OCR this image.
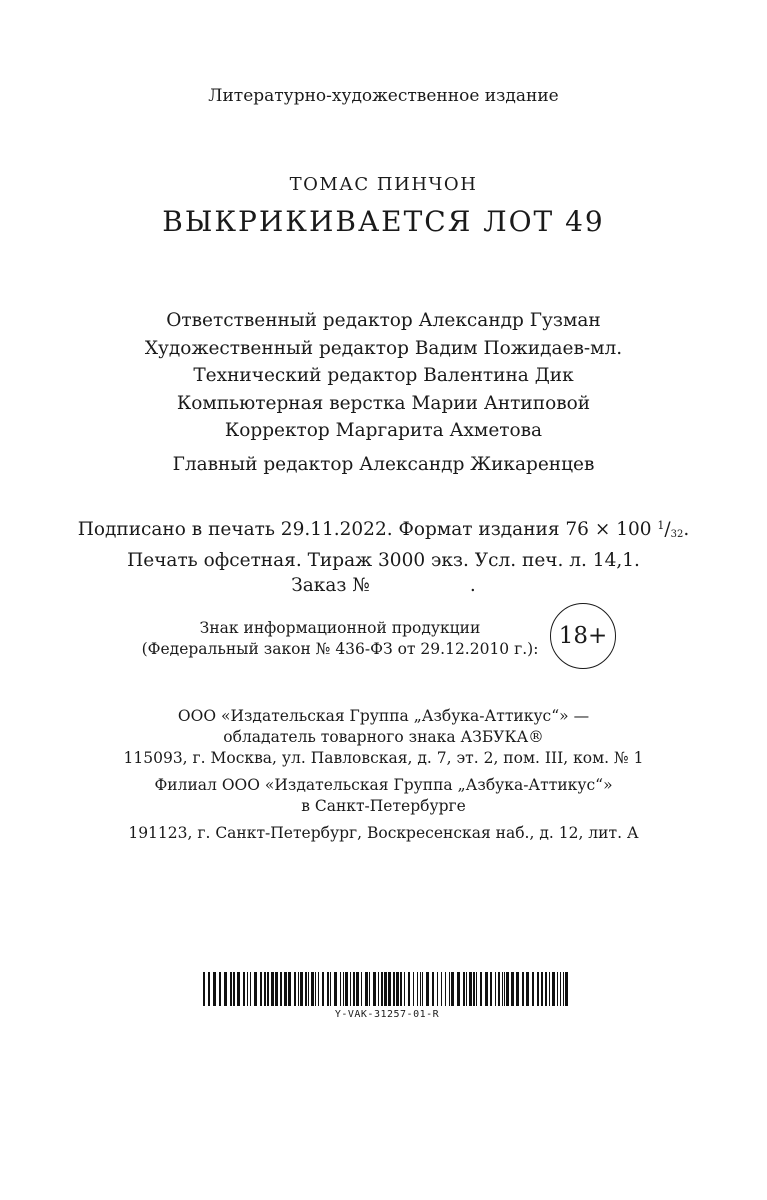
Литературно-художественное издание
ТОМАС ПИНЧОН
ВЫКРИКИВАЕТСЯ ЛОТ 49
Ответственный редактор Александр Гузман
Художественный редактор Вадим Пожидаев-мл.
Технический редактор Валентина Дик
Компьютерная верстка Марии Антиповой
Корректор Маргарита Ахметова
Главный редактор Александр Жикаренцев
Подписано в печать 29.11.2022. Формат издания 76 × 100 $^1/_{32}$.
Печать офсетная. Тираж 3000 экз. Усл. печ. л. 14,1.
Заказ №	.
Знак информационной продукции
(Федеральный закон № 436-ФЗ от 29.12.2010 г.): 18+
ООО «Издательская Группа „Азбука-Аттикус“» —
обладатель товарного знака АЗБУКА®
115093, г. Москва, ул. Павловская, д. 7, эт. 2, пом. III, ком. № 1
Филиал ООО «Издательская Группа „Азбука-Аттикус“»
в Санкт-Петербурге
191123, г. Санкт-Петербург, Воскресенская наб., д. 12, лит. А
Y-VAK-31257-01-R
